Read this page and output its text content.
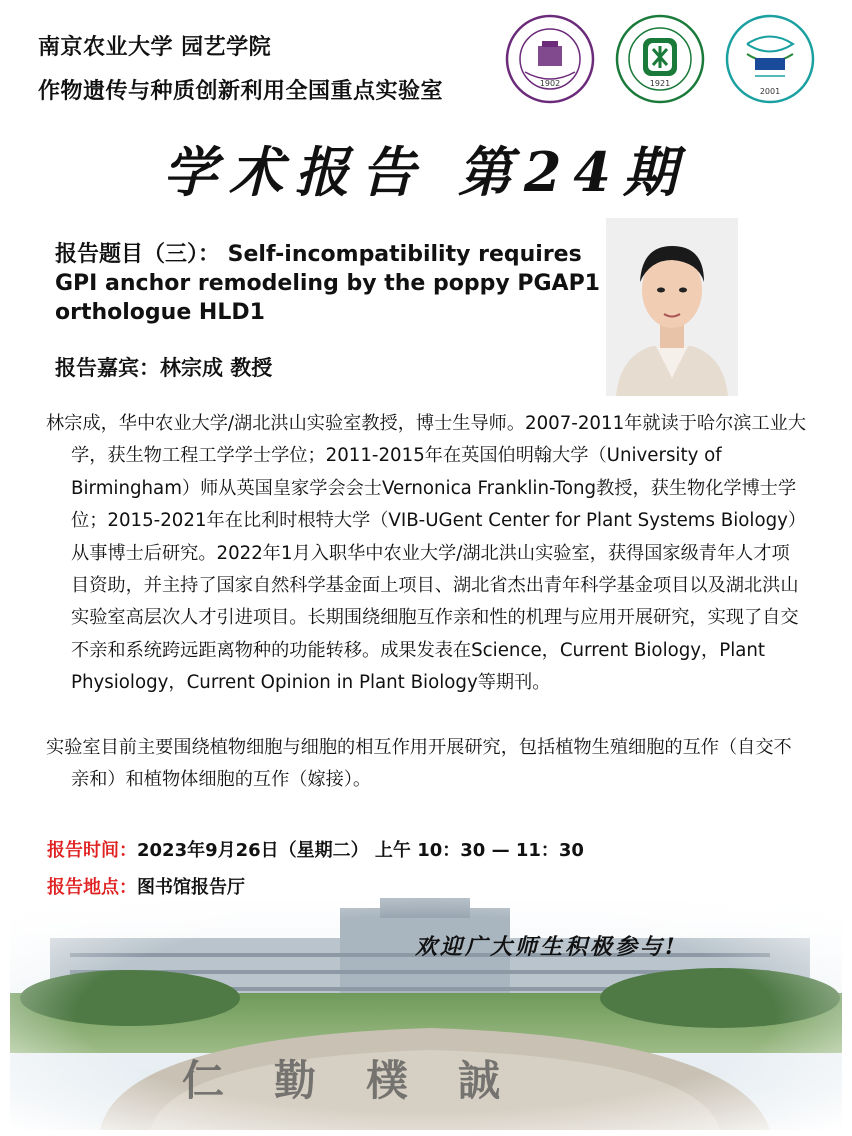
南京农业大学 园艺学院
作物遗传与种质创新利用全国重点实验室	1902	1921
2001
学术报告 第24期
报告题目（三）： Self-incompatibility requires GPI anchor remodeling by the poppy PGAP1 orthologue HLD1
报告嘉宾：林宗成 教授
林宗成，华中农业大学/湖北洪山实验室教授，博士生导师。2007-2011年就读于哈尔滨工业大学，获生物工程工学学士学位；2011-2015年在英国伯明翰大学（University of Birmingham）师从英国皇家学会会士Vernonica Franklin-Tong教授，获生物化学博士学位；2015-2021年在比利时根特大学（VIB-UGent Center for Plant Systems Biology）从事博士后研究。2022年1月入职华中农业大学/湖北洪山实验室，获得国家级青年人才项目资助，并主持了国家自然科学基金面上项目、湖北省杰出青年科学基金项目以及湖北洪山实验室高层次人才引进项目。长期围绕细胞互作亲和性的机理与应用开展研究，实现了自交不亲和系统跨远距离物种的功能转移。成果发表在Science，Current Biology，Plant Physiology，Current Opinion in Plant Biology等期刊。
实验室目前主要围绕植物细胞与细胞的相互作用开展研究，包括植物生殖细胞的互作（自交不亲和）和植物体细胞的互作（嫁接）。
报告时间：2023年9月26日（星期二） 上午 10：30 — 11：30
报告地点：图书馆报告厅
欢迎广大师生积极参与!
仁勤樸誠
